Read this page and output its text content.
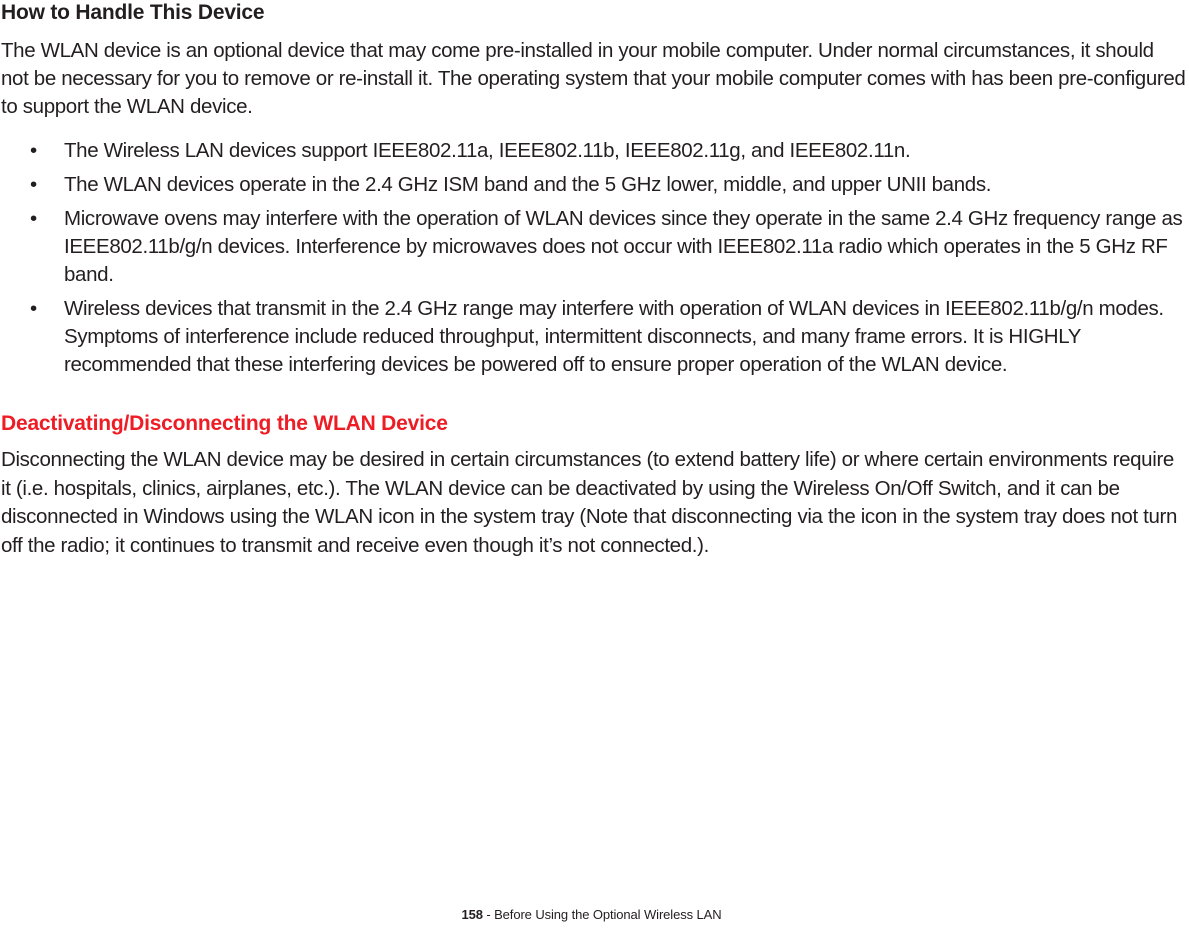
How to Handle This Device

The WLAN device is an optional device that may come pre-installed in your mobile computer. Under normal circumstances, it should not be necessary for you to remove or re-install it. The operating system that your mobile computer comes with has been pre-configured to support the WLAN device.

• The Wireless LAN devices support IEEE802.11a, IEEE802.11b, IEEE802.11g, and IEEE802.11n.
• The WLAN devices operate in the 2.4 GHz ISM band and the 5 GHz lower, middle, and upper UNII bands.
• Microwave ovens may interfere with the operation of WLAN devices since they operate in the same 2.4 GHz frequency range as IEEE802.11b/g/n devices. Interference by microwaves does not occur with IEEE802.11a radio which operates in the 5 GHz RF band.
• Wireless devices that transmit in the 2.4 GHz range may interfere with operation of WLAN devices in IEEE802.11b/g/n modes. Symptoms of interference include reduced throughput, intermittent disconnects, and many frame errors. It is HIGHLY recommended that these interfering devices be powered off to ensure proper operation of the WLAN device.
Deactivating/Disconnecting the WLAN Device

Disconnecting the WLAN device may be desired in certain circumstances (to extend battery life) or where certain environments require it (i.e. hospitals, clinics, airplanes, etc.). The WLAN device can be deactivated by using the Wireless On/Off Switch, and it can be disconnected in Windows using the WLAN icon in the system tray (Note that disconnecting via the icon in the system tray does not turn off the radio; it continues to transmit and receive even though it’s not connected.).

158 - Before Using the Optional Wireless LAN
